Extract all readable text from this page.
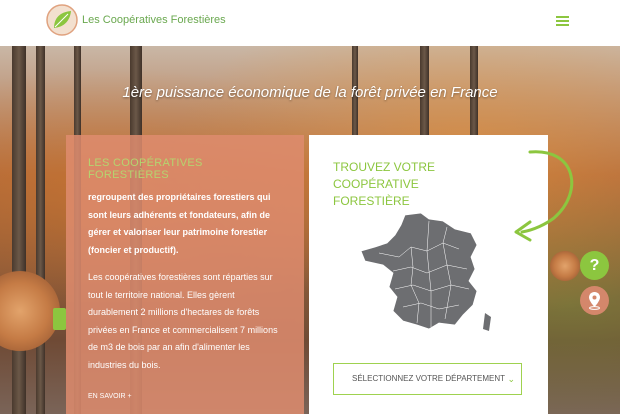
Les Coopératives Forestières
1ère puissance économique de la forêt privée en France
LES COOPÉRATIVES FORESTIÈRES
regroupent des propriétaires forestiers qui sont leurs adhérents et fondateurs, afin de gérer et valoriser leur patrimoine forestier (foncier et productif).
Les coopératives forestières sont réparties sur tout le territoire national. Elles gèrent durablement 2 millions d'hectares de forêts privées en France et commercialisent 7 millions de m3 de bois par an afin d'alimenter les industries du bois.
EN SAVOIR +
TROUVEZ VOTRE COOPÉRATIVE FORESTIÈRE
SÉLECTIONNEZ VOTRE DÉPARTEMENT ⌄
?
